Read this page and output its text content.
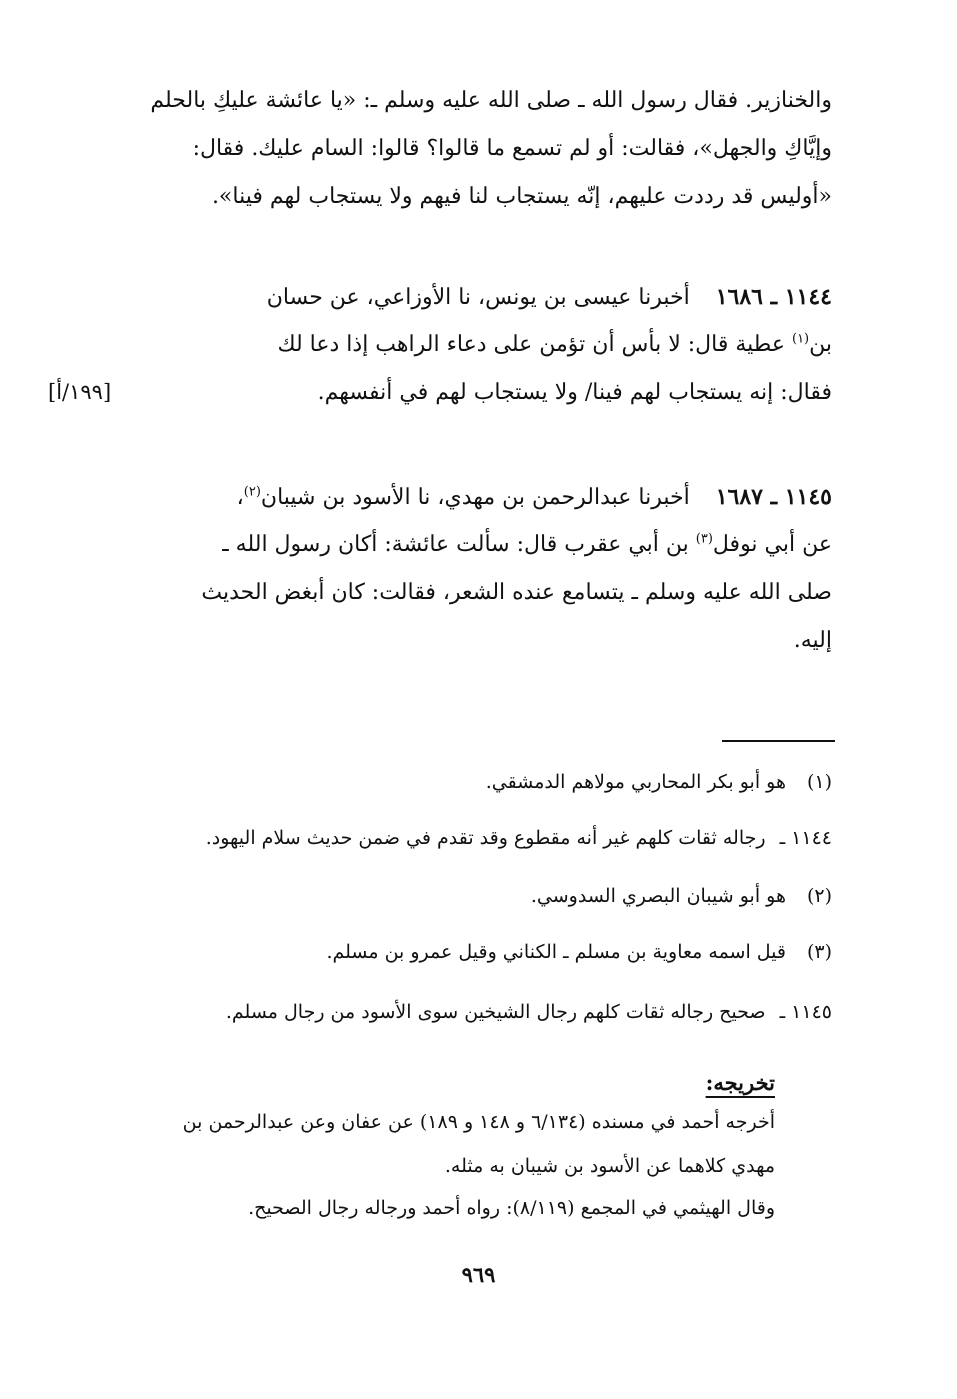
والخنازير. فقال رسول الله ـ صلى الله عليه وسلم ـ: «يا عائشة عليكِ بالحلم
وإيَّاكِ والجهل»، فقالت: أو لم تسمع ما قالوا؟ قالوا: السام عليك. فقال:
«أوليس قد رددت عليهم، إنّه يستجاب لنا فيهم ولا يستجاب لهم فينا».
١١٤٤ ـ ١٦٨٦أخبرنا عيسى بن يونس، نا الأوزاعي، عن حسان
بن$^{(١)}$ عطية قال: لا بأس أن تؤمن على دعاء الراهب إذا دعا لك
فقال: إنه يستجاب لهم فينا/ ولا يستجاب لهم في أنفسهم.
[١٩٩/أ]
١١٤٥ ـ ١٦٨٧أخبرنا عبدالرحمن بن مهدي، نا الأسود بن شيبان$^{(٢)}$،
عن أبي نوفل$^{(٣)}$ بن أبي عقرب قال: سألت عائشة: أكان رسول الله ـ
صلى الله عليه وسلم ـ يتسامع عنده الشعر، فقالت: كان أبغض الحديث
إليه.
(١)هو أبو بكر المحاربي مولاهم الدمشقي.
١١٤٤ ـرجاله ثقات كلهم غير أنه مقطوع وقد تقدم في ضمن حديث سلام اليهود.
(٢)هو أبو شيبان البصري السدوسي.
(٣)قيل اسمه معاوية بن مسلم ـ الكناني وقيل عمرو بن مسلم.
١١٤٥ ـصحيح رجاله ثقات كلهم رجال الشيخين سوى الأسود من رجال مسلم.
تخريجه:
أخرجه أحمد في مسنده (٦/١٣٤ و ١٤٨ و ١٨٩) عن عفان وعن عبدالرحمن بن
مهدي كلاهما عن الأسود بن شيبان به مثله.
وقال الهيثمي في المجمع (٨/١١٩): رواه أحمد ورجاله رجال الصحيح.
٩٦٩
